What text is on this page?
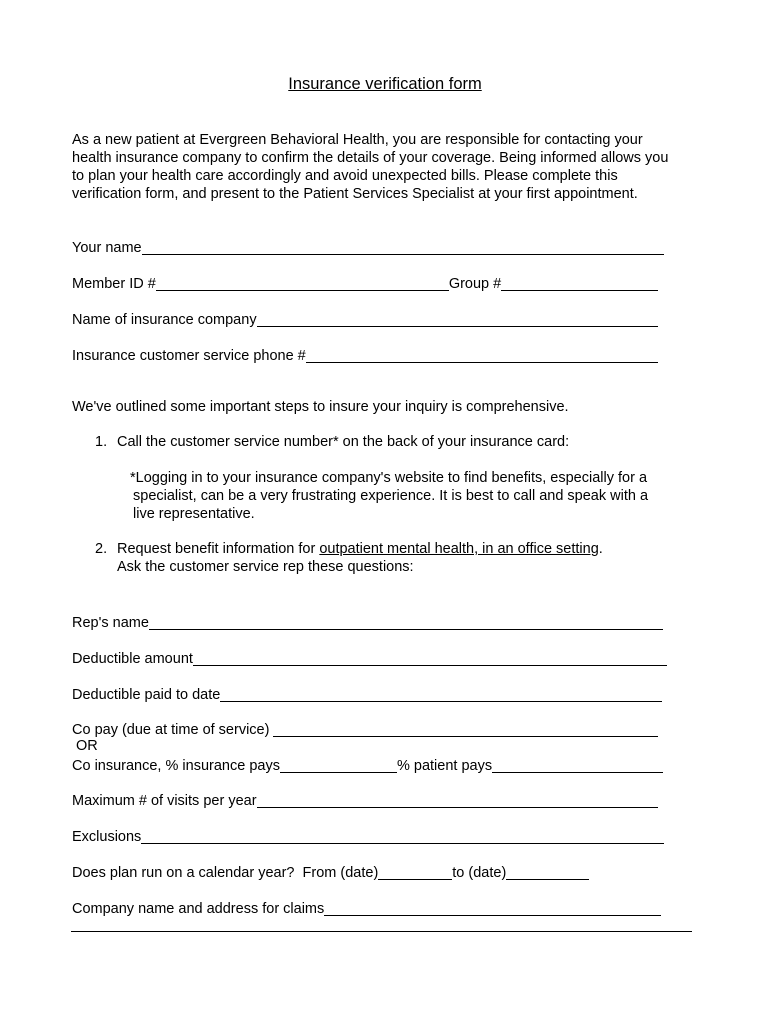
Insurance verification form
As a new patient at Evergreen Behavioral Health, you are responsible for contacting your
health insurance company to confirm the details of your coverage. Being informed allows you
to plan your health care accordingly and avoid unexpected bills. Please complete this
verification form, and present to the Patient Services Specialist at your first appointment.
Your name
Member ID #	Group #
Name of insurance company
Insurance customer service phone #
We've outlined some important steps to insure your inquiry is comprehensive.
1. Call the customer service number* on the back of your insurance card:
*Logging in to your insurance company's website to find benefits, especially for a
specialist, can be a very frustrating experience. It is best to call and speak with a
live representative.
2. Request benefit information for outpatient mental health, in an office setting.
Ask the customer service rep these questions:
Rep's name
Deductible amount
Deductible paid to date
Co pay (due at time of service)
OR
Co insurance, % insurance pays	% patient pays
Maximum # of visits per year
Exclusions
Does plan run on a calendar year?  From (date)	to (date)
Company name and address for claims
